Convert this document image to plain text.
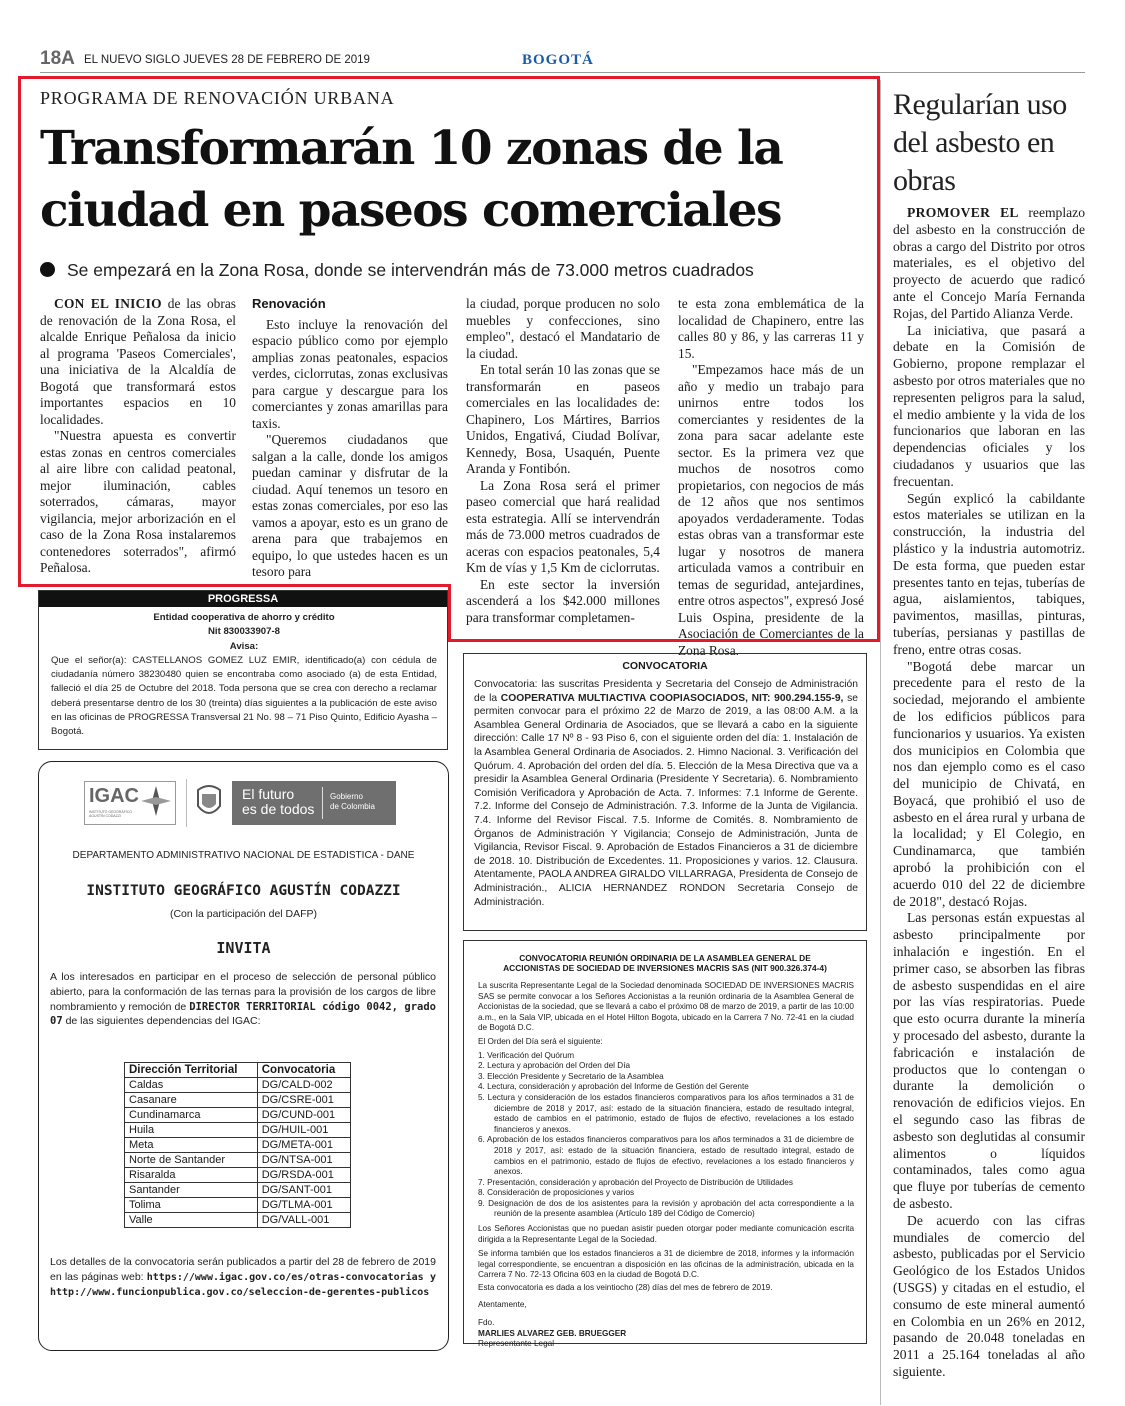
18A EL NUEVO SIGLO JUEVES 28 DE FEBRERO DE 2019	BOGOTÁ
PROGRAMA DE RENOVACIÓN URBANA
Transformarán 10 zonas de la ciudad en paseos comerciales
Se empezará en la Zona Rosa, donde se intervendrán más de 73.000 metros cuadrados

CON EL INICIO de las obras de renovación de la Zona Rosa, el alcalde Enrique Peñalosa da inicio al programa 'Paseos Comerciales', una iniciativa de la Alcaldía de Bogotá que transformará estos importantes espacios en 10 localidades.

"Nuestra apuesta es convertir estas zonas en centros comerciales al aire libre con calidad peatonal, mejor iluminación, cables soterrados, cámaras, mayor vigilancia, mejor arborización en el caso de la Zona Rosa instalaremos contenedores soterrados", afirmó Peñalosa.

Renovación

Esto incluye la renovación del espacio público como por ejemplo amplias zonas peatonales, espacios verdes, ciclorrutas, zonas exclusivas para cargue y descargue para los comerciantes y zonas amarillas para taxis.

"Queremos ciudadanos que salgan a la calle, donde los amigos puedan caminar y disfrutar de la ciudad. Aquí tenemos un tesoro en estas zonas comerciales, por eso las vamos a apoyar, esto es un grano de arena para que trabajemos en equipo, lo que ustedes hacen es un tesoro para

la ciudad, porque producen no solo muebles y confecciones, sino empleo", destacó el Mandatario de la ciudad.

En total serán 10 las zonas que se transformarán en paseos comerciales en las localidades de: Chapinero, Los Mártires, Barrios Unidos, Engativá, Ciudad Bolívar, Kennedy, Bosa, Usaquén, Puente Aranda y Fontibón.

La Zona Rosa será el primer paseo comercial que hará realidad esta estrategia. Allí se intervendrán más de 73.000 metros cuadrados de aceras con espacios peatonales, 5,4 Km de vías y 1,5 Km de ciclorrutas.

En este sector la inversión ascenderá a los $42.000 millones para transformar completamen-

te esta zona emblemática de la localidad de Chapinero, entre las calles 80 y 86, y las carreras 11 y 15.

"Empezamos hace más de un año y medio un trabajo para unirnos entre todos los comerciantes y residentes de la zona para sacar adelante este sector. Es la primera vez que muchos de nosotros como propietarios, con negocios de más de 12 años que nos sentimos apoyados verdaderamente. Todas estas obras van a transformar este lugar y nosotros de manera articulada vamos a contribuir en temas de seguridad, antejardines, entre otros aspectos", expresó José Luis Ospina, presidente de la Asociación de Comerciantes de la Zona Rosa.

Regularían uso del asbesto en obras

PROMOVER EL reemplazo del asbesto en la construcción de obras a cargo del Distrito por otros materiales, es el objetivo del proyecto de acuerdo que radicó ante el Concejo María Fernanda Rojas, del Partido Alianza Verde.

La iniciativa, que pasará a debate en la Comisión de Gobierno, propone remplazar el asbesto por otros materiales que no representen peligros para la salud, el medio ambiente y la vida de los funcionarios que laboran en las dependencias oficiales y los ciudadanos y usuarios que las frecuentan.

Según explicó la cabildante estos materiales se utilizan en la construcción, la industria del plástico y la industria automotriz. De esta forma, que pueden estar presentes tanto en tejas, tuberías de agua, aislamientos, tabiques, pavimentos, masillas, pinturas, tuberías, persianas y pastillas de freno, entre otras cosas.

"Bogotá debe marcar un precedente para el resto de la sociedad, mejorando el ambiente de los edificios públicos para funcionarios y usuarios. Ya existen dos municipios en Colombia que nos dan ejemplo como es el caso del municipio de Chivatá, en Boyacá, que prohibió el uso de asbesto en el área rural y urbana de la localidad; y El Colegio, en Cundinamarca, que también aprobó la prohibición con el acuerdo 010 del 22 de diciembre de 2018", destacó Rojas.

Las personas están expuestas al asbesto principalmente por inhalación e ingestión. En el primer caso, se absorben las fibras de asbesto suspendidas en el aire por las vías respiratorias. Puede que esto ocurra durante la minería y procesado del asbesto, durante la fabricación e instalación de productos que lo contengan o durante la demolición o renovación de edificios viejos. En el segundo caso las fibras de asbesto son deglutidas al consumir alimentos o líquidos contaminados, tales como agua que fluye por tuberías de cemento de asbesto.

De acuerdo con las cifras mundiales de comercio del asbesto, publicadas por el Servicio Geológico de los Estados Unidos (USGS) y citadas en el estudio, el consumo de este mineral aumentó en Colombia en un 26% en 2012, pasando de 20.048 toneladas en 2011 a 25.164 toneladas al año siguiente.

PROGRESSA
Entidad cooperativa de ahorro y crédito
Nit 830033907-8
Avisa:
Que el señor(a): CASTELLANOS GOMEZ LUZ EMIR, identificado(a) con cédula de ciudadanía número 38230480 quien se encontraba como asociado (a) de esta Entidad, falleció el día 25 de Octubre del 2018. Toda persona que se crea con derecho a reclamar deberá presentarse dentro de los 30 (treinta) días siguientes a la publicación de este aviso en las oficinas de PROGRESSA Transversal 21 No. 98 – 71 Piso Quinto, Edificio Ayasha – Bogotá.
IGAC
INSTITUTO GEOGRÁFICO AGUSTÍN CODAZZI
El futuro
es de todos
Gobierno
de Colombia
DEPARTAMENTO ADMINISTRATIVO NACIONAL DE ESTADISTICA - DANE
INSTITUTO GEOGRÁFICO AGUSTÍN CODAZZI
(Con la participación del DAFP)
INVITA
A los interesados en participar en el proceso de selección de personal público abierto, para la conformación de las ternas para la provisión de los cargos de libre nombramiento y remoción de DIRECTOR TERRITORIAL código 0042, grado 07 de las siguientes dependencias del IGAC:
Dirección Territorial	Convocatoria
Caldas	DG/CALD-002
Casanare	DG/CSRE-001
Cundinamarca	DG/CUND-001
Huila	DG/HUIL-001
Meta	DG/META-001
Norte de Santander	DG/NTSA-001
Risaralda	DG/RSDA-001
Santander	DG/SANT-001
Tolima	DG/TLMA-001
Valle	DG/VALL-001
Los detalles de la convocatoria serán publicados a partir del 28 de febrero de 2019 en las páginas web: https://www.igac.gov.co/es/otras-convocatorias y http://www.funcionpublica.gov.co/seleccion-de-gerentes-publicos
CONVOCATORIA
Convocatoria: las suscritas Presidenta y Secretaria del Consejo de Administración de la COOPERATIVA MULTIACTIVA COOPIASOCIADOS, NIT: 900.294.155-9, se permiten convocar para el próximo 22 de Marzo de 2019, a las 08:00 A.M. a la Asamblea General Ordinaria de Asociados, que se llevará a cabo en la siguiente dirección: Calle 17 Nº 8 - 93 Piso 6, con el siguiente orden del día: 1. Instalación de la Asamblea General Ordinaria de Asociados. 2. Himno Nacional. 3. Verificación del Quórum. 4. Aprobación del orden del día. 5. Elección de la Mesa Directiva que va a presidir la Asamblea General Ordinaria (Presidente Y Secretaria). 6. Nombramiento Comisión Verificadora y Aprobación de Acta. 7. Informes: 7.1 Informe de Gerente. 7.2. Informe del Consejo de Administración. 7.3. Informe de la Junta de Vigilancia. 7.4. Informe del Revisor Fiscal. 7.5. Informe de Comités. 8. Nombramiento de Órganos de Administración Y Vigilancia; Consejo de Administración, Junta de Vigilancia, Revisor Fiscal. 9. Aprobación de Estados Financieros a 31 de diciembre de 2018. 10. Distribución de Excedentes. 11. Proposiciones y varios. 12. Clausura. Atentamente, PAOLA ANDREA GIRALDO VILLARRAGA, Presidenta de Consejo de Administración., ALICIA HERNANDEZ RONDON Secretaria Consejo de Administración.
CONVOCATORIA REUNIÓN ORDINARIA DE LA ASAMBLEA GENERAL DE ACCIONISTAS DE SOCIEDAD DE INVERSIONES MACRIS SAS (NIT 900.326.374-4)
La suscrita Representante Legal de la Sociedad denominada SOCIEDAD DE INVERSIONES MACRIS SAS se permite convocar a los Señores Accionistas a la reunión ordinaria de la Asamblea General de Accionistas de la sociedad, que se llevará a cabo el próximo 08 de marzo de 2019, a partir de las 10:00 a.m., en la Sala VIP, ubicada en el Hotel Hilton Bogota, ubicado en la Carrera 7 No. 72-41 en la ciudad de Bogotá D.C.
El Orden del Día será el siguiente:
1. Verificación del Quórum
2. Lectura y aprobación del Orden del Día
3. Elección Presidente y Secretario de la Asamblea
4. Lectura, consideración y aprobación del Informe de Gestión del Gerente
5. Lectura y consideración de los estados financieros comparativos para los años terminados a 31 de diciembre de 2018 y 2017, así: estado de la situación financiera, estado de resultado integral, estado de cambios en el patrimonio, estado de flujos de efectivo, revelaciones a los estado financieros y anexos.
6. Aprobación de los estados financieros comparativos para los años terminados a 31 de diciembre de 2018 y 2017, así: estado de la situación financiera, estado de resultado integral, estado de cambios en el patrimonio, estado de flujos de efectivo, revelaciones a los estado financieros y anexos.
7. Presentación, consideración y aprobación del Proyecto de Distribución de Utilidades
8. Consideración de proposiciones y varios
9. Designación de dos de los asistentes para la revisión y aprobación del acta correspondiente a la reunión de la presente asamblea (Artículo 189 del Código de Comercio)
Los Señores Accionistas que no puedan asistir pueden otorgar poder mediante comunicación escrita dirigida a la Representante Legal de la Sociedad.
Se informa también que los estados financieros a 31 de diciembre de 2018, informes y la información legal correspondiente, se encuentran a disposición en las oficinas de la administración, ubicada en la Carrera 7 No. 72-13 Oficina 603 en la ciudad de Bogotá D.C.
Esta convocatoria es dada a los veintiocho (28) días del mes de febrero de 2019.
Atentamente,
Fdo.
MARLIES ALVAREZ GEB. BRUEGGER
Representante Legal
